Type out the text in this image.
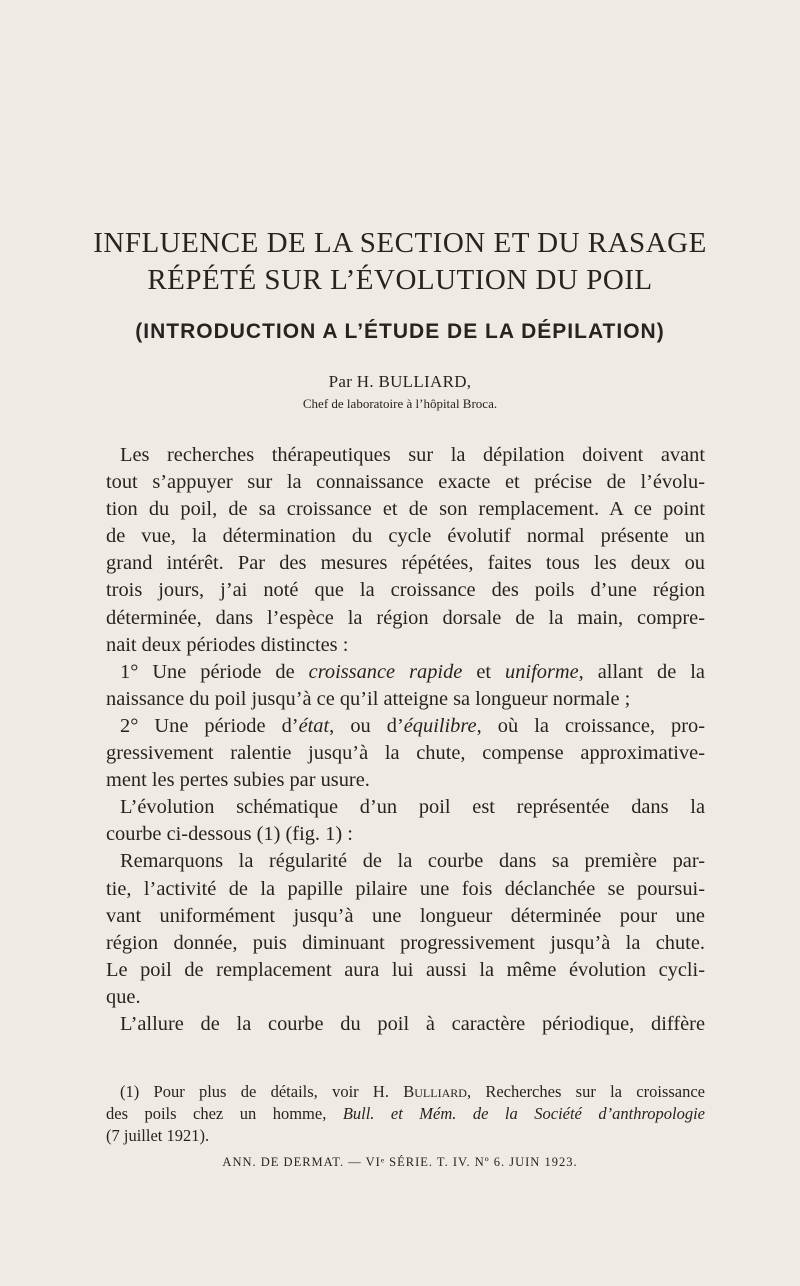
INFLUENCE DE LA SECTION ET DU RASAGE
RÉPÉTÉ SUR L’ÉVOLUTION DU POIL
(INTRODUCTION A L’ÉTUDE DE LA DÉPILATION)
Par H. BULLIARD,
Chef de laboratoire à l’hôpital Broca.
Les recherches thérapeutiques sur la dépilation doivent avant
tout s’appuyer sur la connaissance exacte et précise de l’évolu-
tion du poil, de sa croissance et de son remplacement. A ce point
de vue, la détermination du cycle évolutif normal présente un
grand intérêt. Par des mesures répétées, faites tous les deux ou
trois jours, j’ai noté que la croissance des poils d’une région
déterminée, dans l’espèce la région dorsale de la main, compre-
nait deux périodes distinctes :
1° Une période de croissance rapide et uniforme, allant de la
naissance du poil jusqu’à ce qu’il atteigne sa longueur normale ;
2° Une période d’état, ou d’équilibre, où la croissance, pro-
gressivement ralentie jusqu’à la chute, compense approximative-
ment les pertes subies par usure.
L’évolution schématique d’un poil est représentée dans la
courbe ci-dessous (1) (fig. 1) :
Remarquons la régularité de la courbe dans sa première par-
tie, l’activité de la papille pilaire une fois déclanchée se poursui-
vant uniformément jusqu’à une longueur déterminée pour une
région donnée, puis diminuant progressivement jusqu’à la chute.
Le poil de remplacement aura lui aussi la même évolution cycli-
que.
L’allure de la courbe du poil à caractère périodique, diffère
(1) Pour plus de détails, voir H. Bulliard, Recherches sur la croissance
des poils chez un homme, Bull. et Mém. de la Société d’anthropologie
(7 juillet 1921).
ANN. DE DERMAT. — VIᵉ SÉRIE. T. IV. Nº 6. JUIN 1923.
